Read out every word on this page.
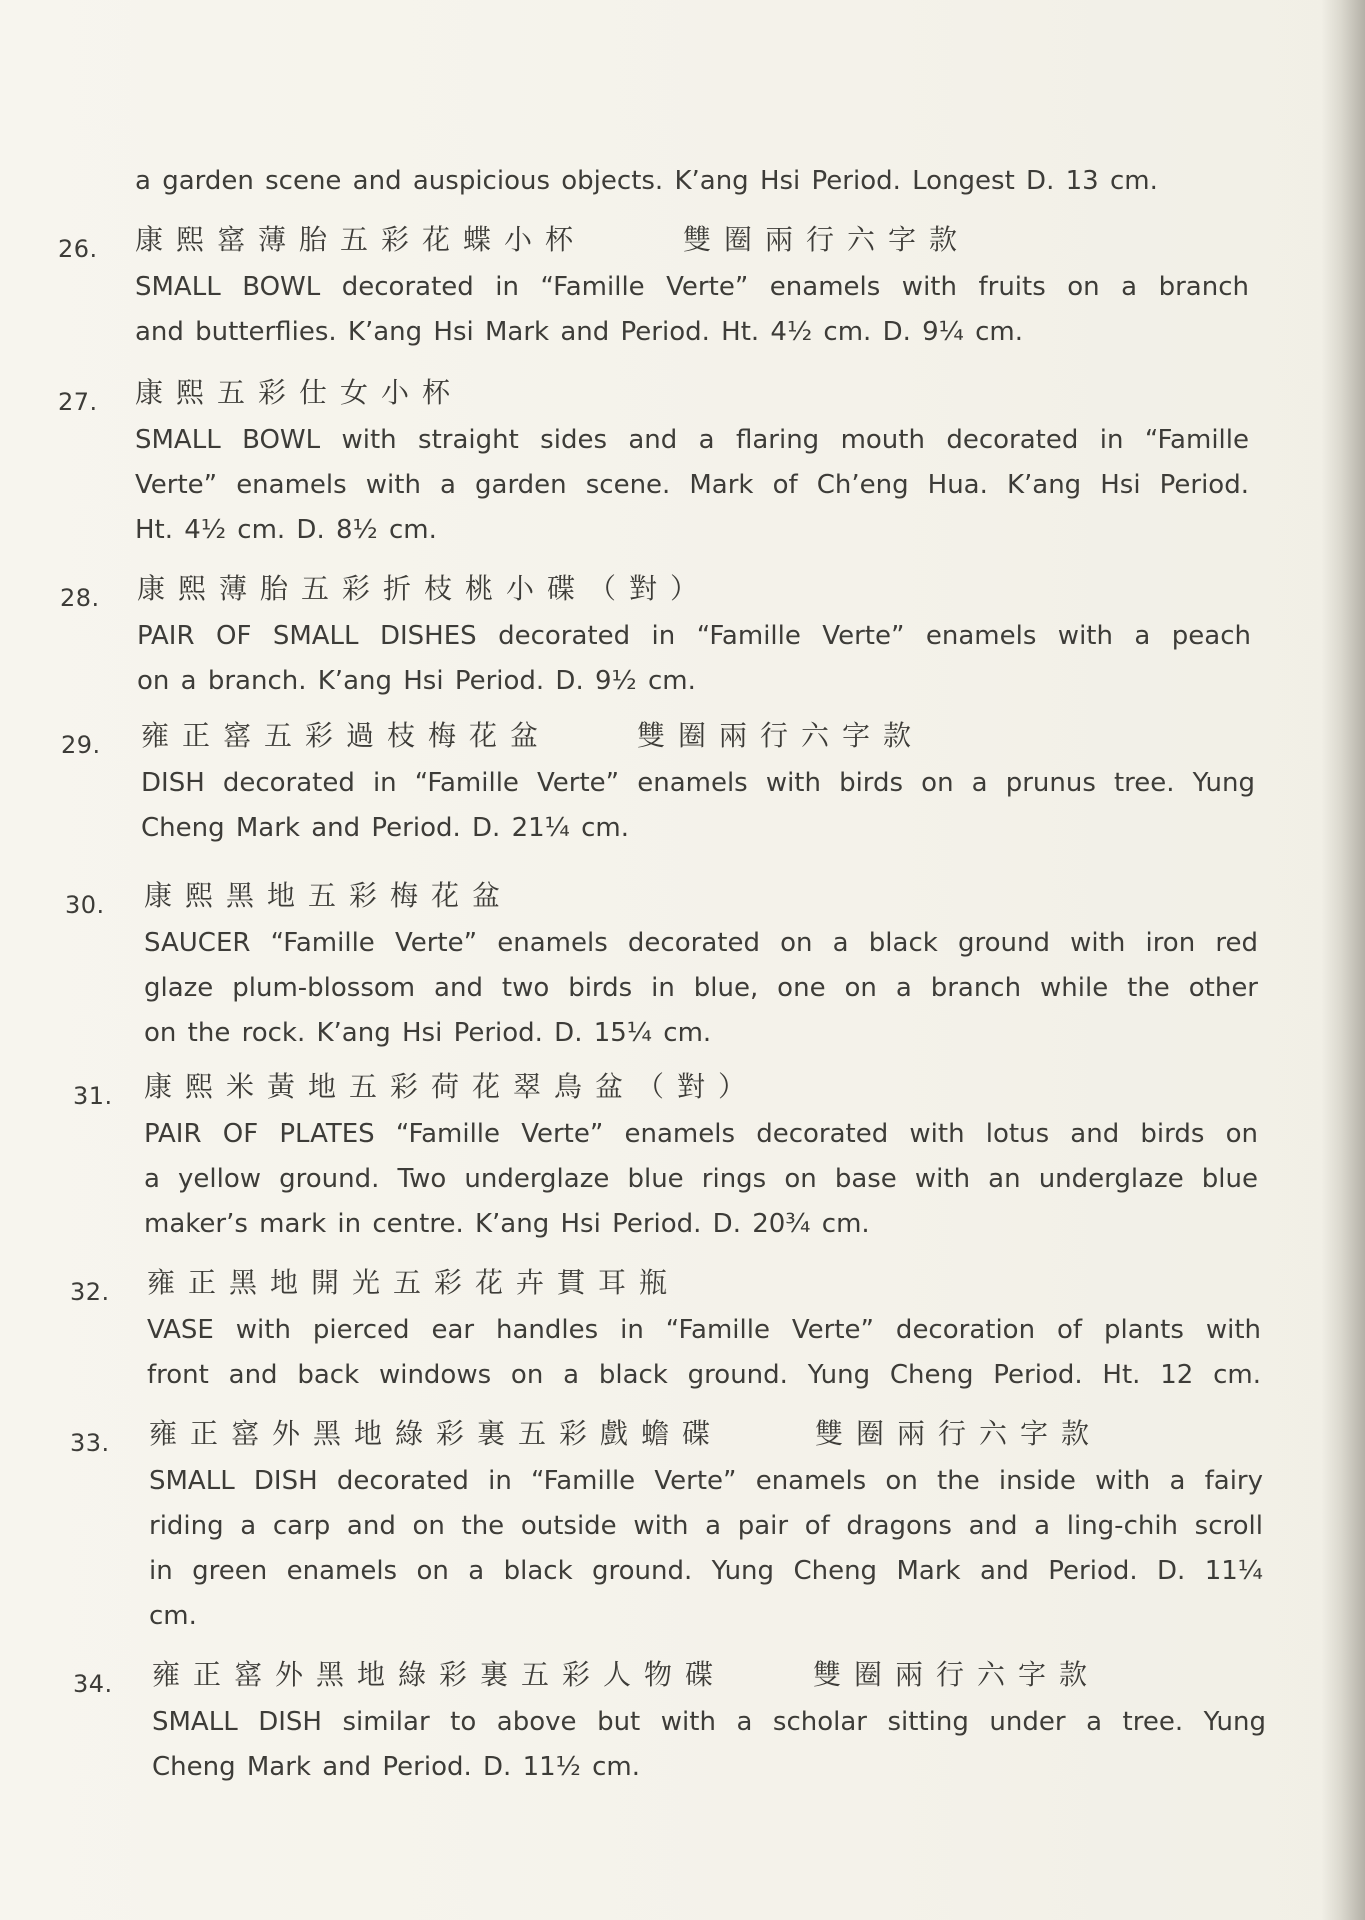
a garden scene and auspicious objects. K’ang Hsi Period. Longest D. 13 cm.
26. 康熙窰薄胎五彩花蝶小杯	雙圈兩行六字款
SMALL BOWL decorated in “Famille Verte” enamels with fruits on a branch
and butterflies. K’ang Hsi Mark and Period. Ht. 4½ cm. D. 9¼ cm.
27. 康熙五彩仕女小杯
SMALL BOWL with straight sides and a flaring mouth decorated in “Famille
Verte” enamels with a garden scene. Mark of Ch’eng Hua. K’ang Hsi Period.
Ht. 4½ cm. D. 8½ cm.
28. 康熙薄胎五彩折枝桃小碟（對）
PAIR OF SMALL DISHES decorated in “Famille Verte” enamels with a peach
on a branch. K’ang Hsi Period. D. 9½ cm.
29. 雍正窰五彩過枝梅花盆	雙圈兩行六字款
DISH decorated in “Famille Verte” enamels with birds on a prunus tree. Yung
Cheng Mark and Period. D. 21¼ cm.
30. 康熙黑地五彩梅花盆
SAUCER “Famille Verte” enamels decorated on a black ground with iron red
glaze plum-blossom and two birds in blue, one on a branch while the other
on the rock. K’ang Hsi Period. D. 15¼ cm.
31. 康熙米黃地五彩荷花翠鳥盆（對）
PAIR OF PLATES “Famille Verte” enamels decorated with lotus and birds on
a yellow ground. Two underglaze blue rings on base with an underglaze blue
maker’s mark in centre. K’ang Hsi Period. D. 20¾ cm.
32. 雍正黑地開光五彩花卉貫耳瓶
VASE with pierced ear handles in “Famille Verte” decoration of plants with
front and back windows on a black ground. Yung Cheng Period. Ht. 12 cm.
33. 雍正窰外黑地綠彩裏五彩戲蟾碟	雙圈兩行六字款
SMALL DISH decorated in “Famille Verte” enamels on the inside with a fairy
riding a carp and on the outside with a pair of dragons and a ling-chih scroll
in green enamels on a black ground. Yung Cheng Mark and Period. D. 11¼
cm.
34. 雍正窰外黑地綠彩裏五彩人物碟	雙圈兩行六字款
SMALL DISH similar to above but with a scholar sitting under a tree. Yung
Cheng Mark and Period. D. 11½ cm.
